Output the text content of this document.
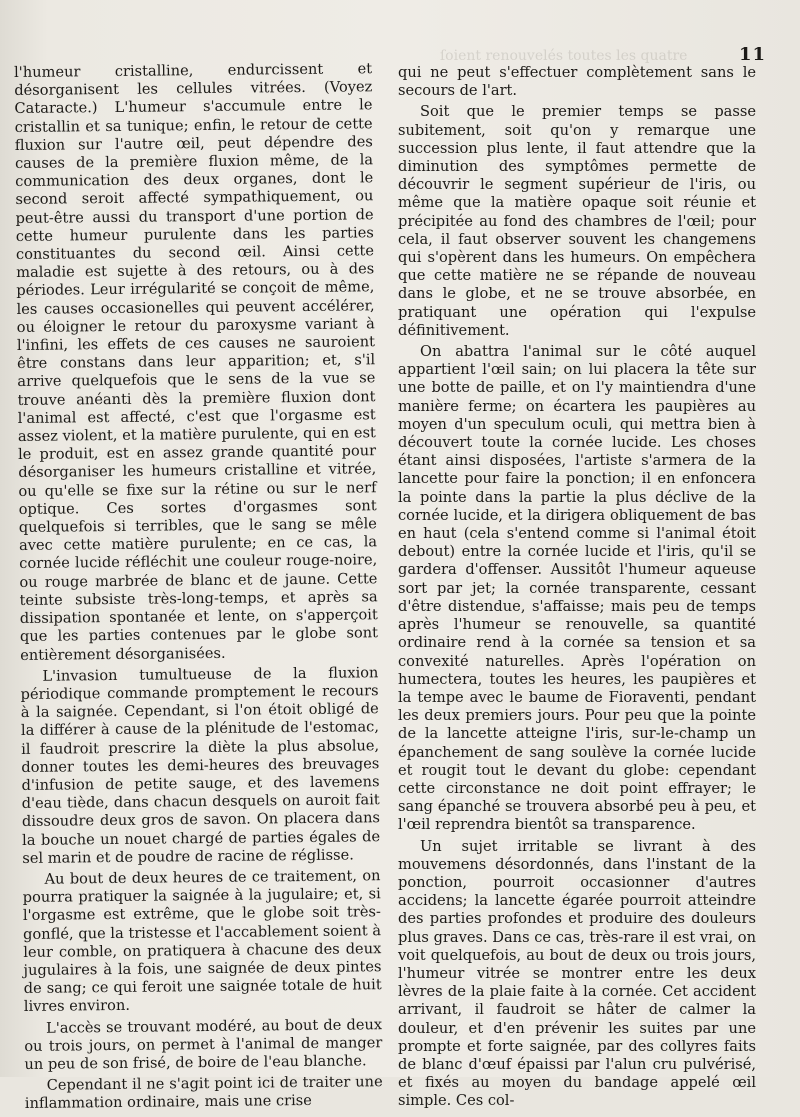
ſoient renouvelés toutes les quatre	11

l'humeur cristalline, endurcissent et désorganisent les cellules vitrées. (Voyez Cataracte.) L'humeur s'accumule entre le cristallin et sa tunique; enfin, le retour de cette fluxion sur l'autre œil, peut dépendre des causes de la première fluxion même, de la communication des deux organes, dont le second seroit affecté sympathiquement, ou peut-être aussi du transport d'une portion de cette humeur purulente dans les parties constituantes du second œil. Ainsi cette maladie est sujette à des retours, ou à des périodes. Leur irrégularité se conçoit de même, les causes occasionelles qui peuvent accélérer, ou éloigner le retour du paroxysme variant à l'infini, les effets de ces causes ne sauroient être constans dans leur apparition; et, s'il arrive quelquefois que le sens de la vue se trouve anéanti dès la première fluxion dont l'animal est affecté, c'est que l'orgasme est assez violent, et la matière purulente, qui en est le produit, est en assez grande quantité pour désorganiser les humeurs cristalline et vitrée, ou qu'elle se fixe sur la rétine ou sur le nerf optique. Ces sortes d'orgasmes sont quelquefois si terribles, que le sang se mêle avec cette matière purulente; en ce cas, la cornée lucide réfléchit une couleur rouge-noire, ou rouge marbrée de blanc et de jaune. Cette teinte subsiste très-long-temps, et après sa dissipation spontanée et lente, on s'apperçoit que les parties contenues par le globe sont entièrement désorganisées.

L'invasion tumultueuse de la fluxion périodique commande promptement le recours à la saignée. Cependant, si l'on étoit obligé de la différer à cause de la plénitude de l'estomac, il faudroit prescrire la diète la plus absolue, donner toutes les demi-heures des breuvages d'infusion de petite sauge, et des lavemens d'eau tiède, dans chacun desquels on auroit fait dissoudre deux gros de savon. On placera dans la bouche un nouet chargé de parties égales de sel marin et de poudre de racine de réglisse.

Au bout de deux heures de ce traitement, on pourra pratiquer la saignée à la jugulaire; et, si l'orgasme est extrême, que le globe soit très-gonflé, que la tristesse et l'accablement soient à leur comble, on pratiquera à chacune des deux jugulaires à la fois, une saignée de deux pintes de sang; ce qui feroit une saignée totale de huit livres environ.

L'accès se trouvant modéré, au bout de deux ou trois jours, on permet à l'animal de manger un peu de son frisé, de boire de l'eau blanche.

Cependant il ne s'agit point ici de traiter une inflammation ordinaire, mais une crise

qui ne peut s'effectuer complètement sans le secours de l'art.

Soit que le premier temps se passe subitement, soit qu'on y remarque une succession plus lente, il faut attendre que la diminution des symptômes permette de découvrir le segment supérieur de l'iris, ou même que la matière opaque soit réunie et précipitée au fond des chambres de l'œil; pour cela, il faut observer souvent les changemens qui s'opèrent dans les humeurs. On empêchera que cette matière ne se répande de nouveau dans le globe, et ne se trouve absorbée, en pratiquant une opération qui l'expulse définitivement.

On abattra l'animal sur le côté auquel appartient l'œil sain; on lui placera la tête sur une botte de paille, et on l'y maintiendra d'une manière ferme; on écartera les paupières au moyen d'un speculum oculi, qui mettra bien à découvert toute la cornée lucide. Les choses étant ainsi disposées, l'artiste s'armera de la lancette pour faire la ponction; il en enfoncera la pointe dans la partie la plus déclive de la cornée lucide, et la dirigera obliquement de bas en haut (cela s'entend comme si l'animal étoit debout) entre la cornée lucide et l'iris, qu'il se gardera d'offenser. Aussitôt l'humeur aqueuse sort par jet; la cornée transparente, cessant d'être distendue, s'affaisse; mais peu de temps après l'humeur se renouvelle, sa quantité ordinaire rend à la cornée sa tension et sa convexité naturelles. Après l'opération on humectera, toutes les heures, les paupières et la tempe avec le baume de Fioraventi, pendant les deux premiers jours. Pour peu que la pointe de la lancette atteigne l'iris, sur-le-champ un épanchement de sang soulève la cornée lucide et rougit tout le devant du globe: cependant cette circonstance ne doit point effrayer; le sang épanché se trouvera absorbé peu à peu, et l'œil reprendra bientôt sa transparence.

Un sujet irritable se livrant à des mouvemens désordonnés, dans l'instant de la ponction, pourroit occasionner d'autres accidens; la lancette égarée pourroit atteindre des parties profondes et produire des douleurs plus graves. Dans ce cas, très-rare il est vrai, on voit quelquefois, au bout de deux ou trois jours, l'humeur vitrée se montrer entre les deux lèvres de la plaie faite à la cornée. Cet accident arrivant, il faudroit se hâter de calmer la douleur, et d'en prévenir les suites par une prompte et forte saignée, par des collyres faits de blanc d'œuf épaissi par l'alun cru pulvérisé, et fixés au moyen du bandage appelé œil simple. Ces col-
